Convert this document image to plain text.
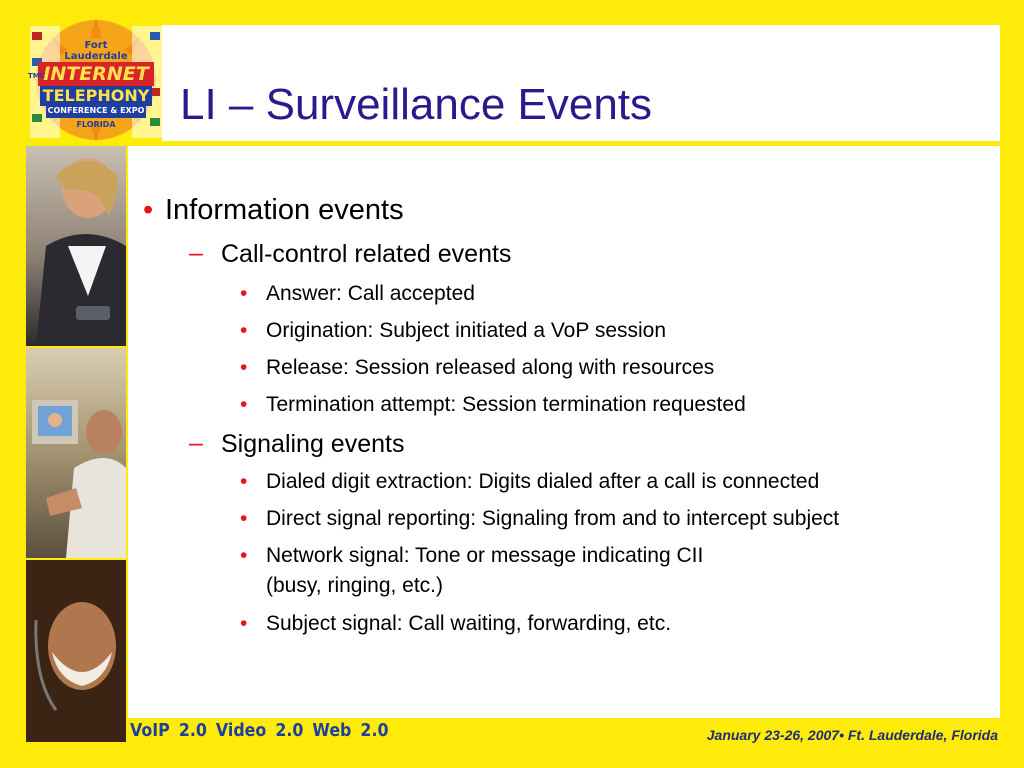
Fort
Lauderdale
INTERNET
TELEPHONY
CONFERENCE & EXPO
FLORIDA
TMC
LI – Surveillance Events
• Information events
– Call-control related events
• Answer: Call accepted
• Origination: Subject initiated a VoP session
• Release: Session released along with resources
• Termination attempt: Session termination requested
– Signaling events
• Dialed digit extraction: Digits dialed after a call is connected
• Direct signal reporting: Signaling from and to intercept subject
• Network signal: Tone or message indicating CII
(busy, ringing, etc.)
• Subject signal: Call waiting, forwarding, etc.
VoIP 2.0 Video 2.0 Web 2.0	January 23-26, 2007• Ft. Lauderdale, Florida
